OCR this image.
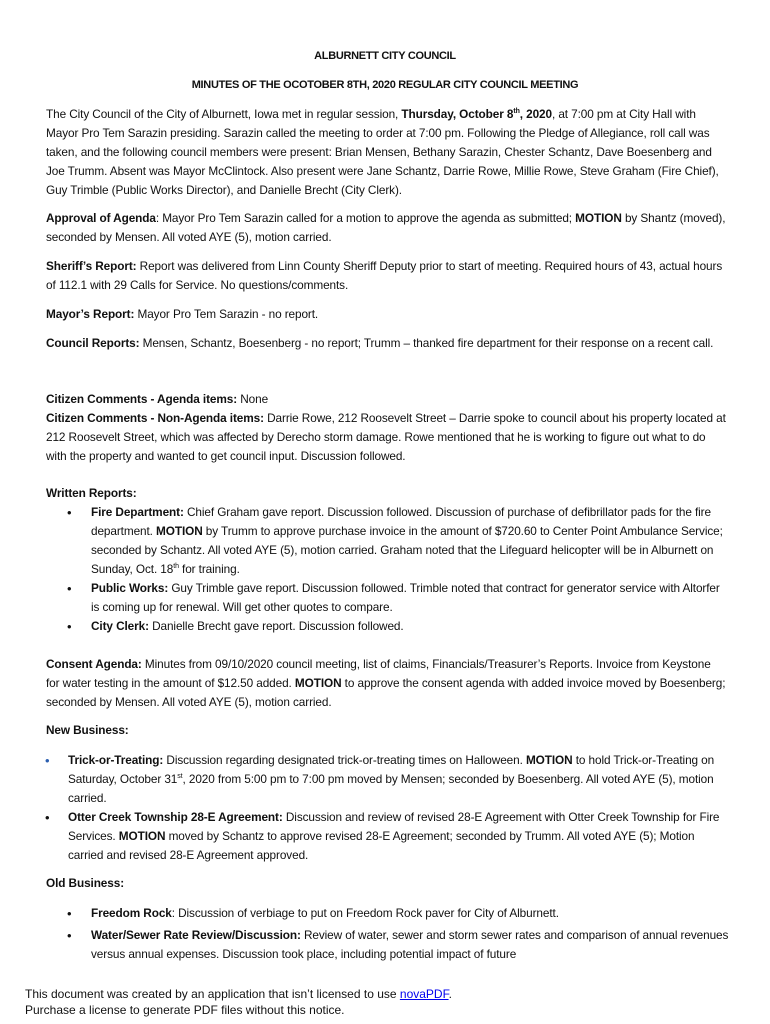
ALBURNETT CITY COUNCIL
MINUTES OF THE OCOTOBER 8TH, 2020 REGULAR CITY COUNCIL MEETING
The City Council of the City of Alburnett, Iowa met in regular session, Thursday, October 8th, 2020, at 7:00 pm at City Hall with Mayor Pro Tem Sarazin presiding. Sarazin called the meeting to order at 7:00 pm. Following the Pledge of Allegiance, roll call was taken, and the following council members were present: Brian Mensen, Bethany Sarazin, Chester Schantz, Dave Boesenberg and Joe Trumm. Absent was Mayor McClintock. Also present were Jane Schantz, Darrie Rowe, Millie Rowe, Steve Graham (Fire Chief), Guy Trimble (Public Works Director), and Danielle Brecht (City Clerk).
Approval of Agenda: Mayor Pro Tem Sarazin called for a motion to approve the agenda as submitted; MOTION by Shantz (moved), seconded by Mensen. All voted AYE (5), motion carried.
Sheriff’s Report: Report was delivered from Linn County Sheriff Deputy prior to start of meeting. Required hours of 43, actual hours of 112.1 with 29 Calls for Service. No questions/comments.
Mayor’s Report: Mayor Pro Tem Sarazin - no report.
Council Reports: Mensen, Schantz, Boesenberg - no report; Trumm – thanked fire department for their response on a recent call.
Citizen Comments - Agenda items: None
Citizen Comments - Non-Agenda items: Darrie Rowe, 212 Roosevelt Street – Darrie spoke to council about his property located at 212 Roosevelt Street, which was affected by Derecho storm damage. Rowe mentioned that he is working to figure out what to do with the property and wanted to get council input. Discussion followed.
Written Reports:
• Fire Department: Chief Graham gave report. Discussion followed. Discussion of purchase of defibrillator pads for the fire department. MOTION by Trumm to approve purchase invoice in the amount of $720.60 to Center Point Ambulance Service; seconded by Schantz. All voted AYE (5), motion carried. Graham noted that the Lifeguard helicopter will be in Alburnett on Sunday, Oct. 18th for training.
• Public Works: Guy Trimble gave report. Discussion followed. Trimble noted that contract for generator service with Altorfer is coming up for renewal. Will get other quotes to compare.
• City Clerk: Danielle Brecht gave report. Discussion followed.
Consent Agenda: Minutes from 09/10/2020 council meeting, list of claims, Financials/Treasurer’s Reports. Invoice from Keystone for water testing in the amount of $12.50 added. MOTION to approve the consent agenda with added invoice moved by Boesenberg; seconded by Mensen. All voted AYE (5), motion carried.
New Business:
• Trick-or-Treating: Discussion regarding designated trick-or-treating times on Halloween. MOTION to hold Trick-or-Treating on Saturday, October 31st, 2020 from 5:00 pm to 7:00 pm moved by Mensen; seconded by Boesenberg. All voted AYE (5), motion carried.
• Otter Creek Township 28-E Agreement: Discussion and review of revised 28-E Agreement with Otter Creek Township for Fire Services. MOTION moved by Schantz to approve revised 28-E Agreement; seconded by Trumm. All voted AYE (5); Motion carried and revised 28-E Agreement approved.
Old Business:
• Freedom Rock: Discussion of verbiage to put on Freedom Rock paver for City of Alburnett.
• Water/Sewer Rate Review/Discussion: Review of water, sewer and storm sewer rates and comparison of annual revenues versus annual expenses. Discussion took place, including potential impact of future
This document was created by an application that isn’t licensed to use novaPDF.
Purchase a license to generate PDF files without this notice.
